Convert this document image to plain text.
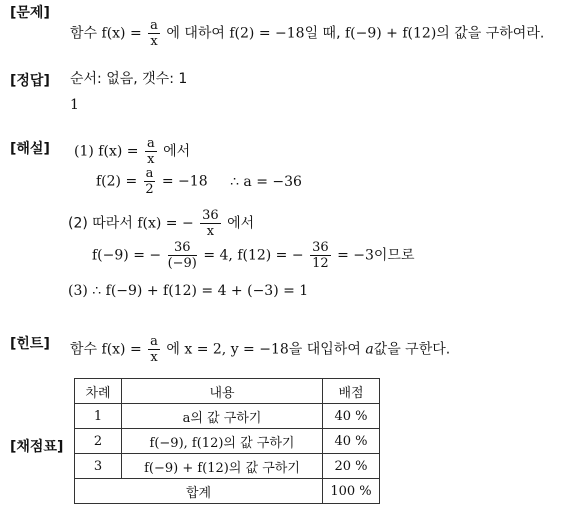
[문제]
[정답]
[해설]
[힌트]
[채점표]
함수 $f(x) = \frac{a}{x}$ 에 대하여 f(2) = −18일 때, f(−9) + f(12)의 값을 구하여라.
순서: 없음, 갯수: 1
1
(1) $f(x) = \frac{a}{x}$ 에서
$f(2) = \frac{a}{2} = -18$ ∴ a = −36
(2) 따라서 f(x) = − $\frac{36}{x}$ 에서
f(−9) = − $\frac{36}{(-9)} = 4$, f(12) = − $\frac{36}{12} = -3$이므로
(3) ∴ f(−9) + f(12) = 4 + (−3) = 1
함수 $f(x) = \frac{a}{x}$ 에 x = 2, y = −18을 대입하여 a값을 구한다.
차례	내용	배점
1	a의 값 구하기	40 %
2	f(−9), f(12)의 값 구하기	40 %
3	f(−9) + f(12)의 값 구하기	20 %
합계		100 %
